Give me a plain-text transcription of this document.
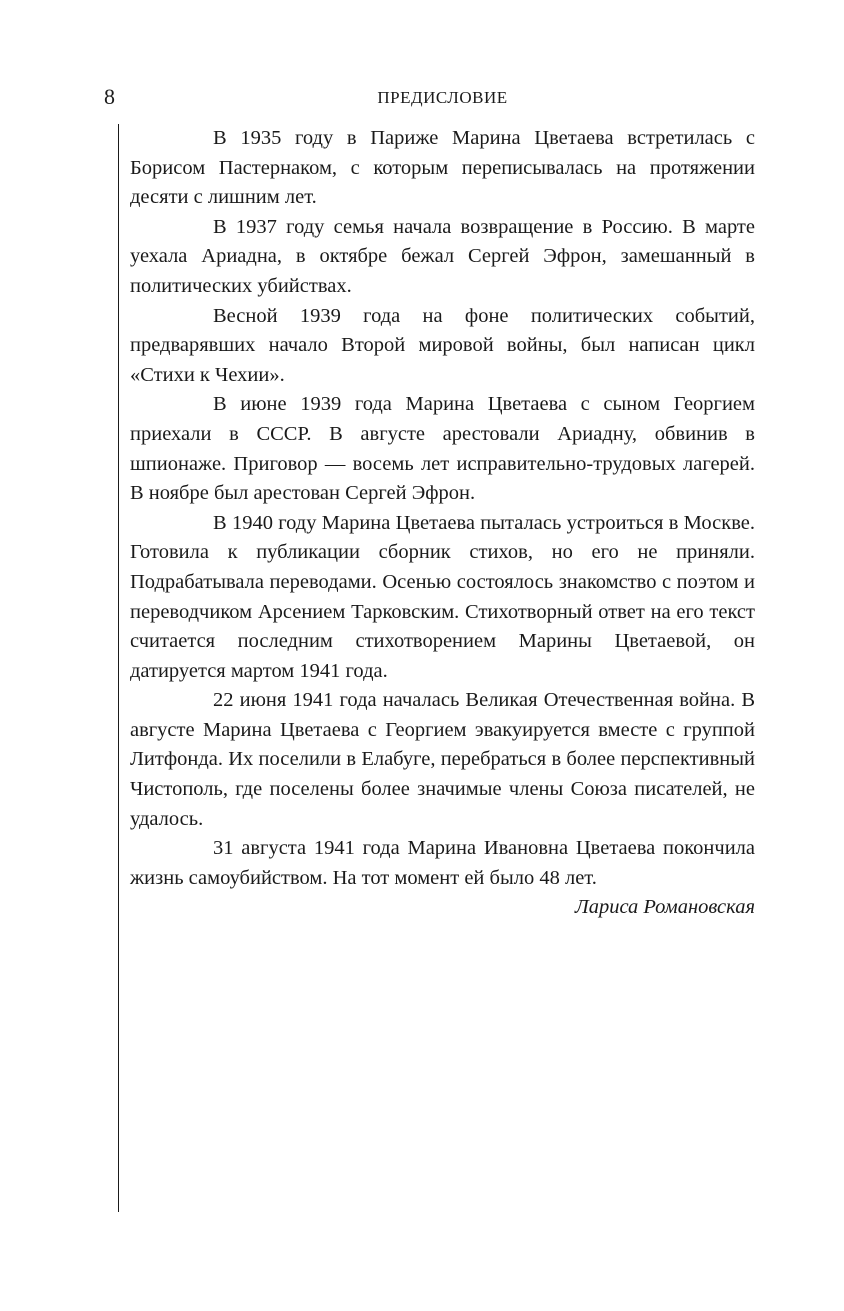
8	ПРЕДИСЛОВИЕ

В 1935 году в Париже Марина Цветаева встретилась с Борисом Пастернаком, с которым переписывалась на протяжении десяти с лишним лет.

В 1937 году семья начала возвращение в Россию. В марте уехала Ариадна, в октябре бежал Сергей Эфрон, замешанный в политических убийствах.

Весной 1939 года на фоне политических событий, предварявших начало Второй мировой войны, был написан цикл «Стихи к Чехии».

В июне 1939 года Марина Цветаева с сыном Георгием приехали в СССР. В августе арестовали Ариадну, обвинив в шпионаже. Приговор — восемь лет исправительно-трудовых лагерей. В ноябре был арестован Сергей Эфрон.

В 1940 году Марина Цветаева пыталась устроиться в Москве. Готовила к публикации сборник стихов, но его не приняли. Подрабатывала переводами. Осенью состоялось знакомство с поэтом и переводчиком Арсением Тарковским. Стихотворный ответ на его текст считается последним стихотворением Марины Цветаевой, он датируется мартом 1941 года.

22 июня 1941 года началась Великая Отечественная война. В августе Марина Цветаева с Георгием эвакуируется вместе с группой Литфонда. Их поселили в Елабуге, перебраться в более перспективный Чистополь, где поселены более значимые члены Союза писателей, не удалось.

31 августа 1941 года Марина Ивановна Цветаева покончила жизнь самоубийством. На тот момент ей было 48 лет.

Лариса Романовская
